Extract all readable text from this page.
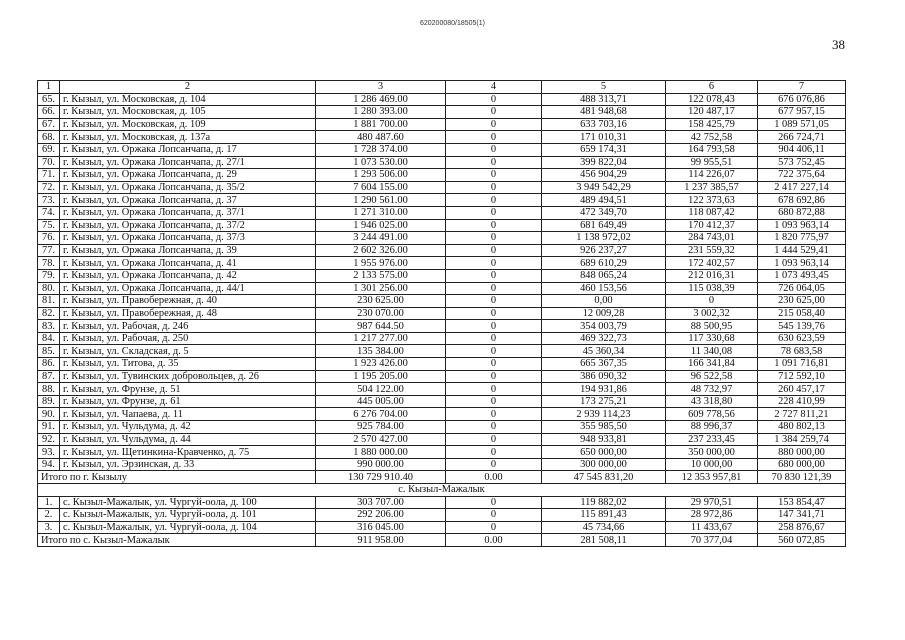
620200080/18505(1)
38
1	2	3	4	5	6	7
65.	г. Кызыл, ул. Московская, д. 104	1 286 469.00	0	488 313,71	122 078,43	676 076,86
66.	г. Кызыл, ул. Московская, д. 105	1 280 393.00	0	481 948,68	120 487,17	677 957,15
67.	г. Кызыл, ул. Московская, д. 109	1 881 700.00	0	633 703,16	158 425,79	1 089 571,05
68.	г. Кызыл, ул. Московская, д. 137а	480 487.60	0	171 010,31	42 752,58	266 724,71
69.	г. Кызыл, ул. Оржака Лопсанчапа, д. 17	1 728 374.00	0	659 174,31	164 793,58	904 406,11
70.	г. Кызыл, ул. Оржака Лопсанчапа, д. 27/1	1 073 530.00	0	399 822,04	99 955,51	573 752,45
71.	г. Кызыл, ул. Оржака Лопсанчапа, д. 29	1 293 506.00	0	456 904,29	114 226,07	722 375,64
72.	г. Кызыл, ул. Оржака Лопсанчапа, д. 35/2	7 604 155.00	0	3 949 542,29	1 237 385,57	2 417 227,14
73.	г. Кызыл, ул. Оржака Лопсанчапа, д. 37	1 290 561.00	0	489 494,51	122 373,63	678 692,86
74.	г. Кызыл, ул. Оржака Лопсанчапа, д. 37/1	1 271 310.00	0	472 349,70	118 087,42	680 872,88
75.	г. Кызыл, ул. Оржака Лопсанчапа, д. 37/2	1 946 025.00	0	681 649,49	170 412,37	1 093 963,14
76.	г. Кызыл, ул. Оржака Лопсанчапа, д. 37/3	3 244 491.00	0	1 138 972,02	284 743,01	1 820 775,97
77.	г. Кызыл, ул. Оржака Лопсанчапа, д. 39	2 602 326.00	0	926 237,27	231 559,32	1 444 529,41
78.	г. Кызыл, ул. Оржака Лопсанчапа, д. 41	1 955 976.00	0	689 610,29	172 402,57	1 093 963,14
79.	г. Кызыл, ул. Оржака Лопсанчапа, д. 42	2 133 575.00	0	848 065,24	212 016,31	1 073 493,45
80.	г. Кызыл, ул. Оржака Лопсанчапа, д. 44/1	1 301 256.00	0	460 153,56	115 038,39	726 064,05
81.	г. Кызыл, ул. Правобережная, д. 40	230 625.00	0	0,00	0	230 625,00
82.	г. Кызыл, ул. Правобережная, д. 48	230 070.00	0	12 009,28	3 002,32	215 058,40
83.	г. Кызыл, ул. Рабочая, д. 246	987 644.50	0	354 003,79	88 500,95	545 139,76
84.	г. Кызыл, ул. Рабочая, д. 250	1 217 277.00	0	469 322,73	117 330,68	630 623,59
85.	г. Кызыл, ул. Складская, д. 5	135 384.00	0	45 360,34	11 340,08	78 683,58
86.	г. Кызыл, ул. Титова, д. 35	1 923 426.00	0	665 367,35	166 341,84	1 091 716,81
87.	г. Кызыл, ул. Тувинских добровольцев, д. 26	1 195 205.00	0	386 090,32	96 522,58	712 592,10
88.	г. Кызыл, ул. Фрунзе, д. 51	504 122.00	0	194 931,86	48 732,97	260 457,17
89.	г. Кызыл, ул. Фрунзе, д. 61	445 005.00	0	173 275,21	43 318,80	228 410,99
90.	г. Кызыл, ул. Чапаева, д. 11	6 276 704.00	0	2 939 114,23	609 778,56	2 727 811,21
91.	г. Кызыл, ул. Чульдума, д. 42	925 784.00	0	355 985,50	88 996,37	480 802,13
92.	г. Кызыл, ул. Чульдума, д. 44	2 570 427.00	0	948 933,81	237 233,45	1 384 259,74
93.	г. Кызыл, ул. Щетинкина-Кравченко, д. 75	1 880 000.00	0	650 000,00	350 000,00	880 000,00
94.	г. Кызыл, ул. Эрзинская, д. 33	990 000.00	0	300 000,00	10 000,00	680 000,00
Итого по г. Кызылу		130 729 910.40	0.00	47 545 831,20	12 353 957,81	70 830 121,39
с. Кызыл-Мажалык						
1.	с. Кызыл-Мажалык, ул. Чургуй-оола, д. 100	303 707.00	0	119 882,02	29 970,51	153 854,47
2.	с. Кызыл-Мажалык, ул. Чургуй-оола, д. 101	292 206.00	0	115 891,43	28 972,86	147 341,71
3.	с. Кызыл-Мажалык, ул. Чургуй-оола, д. 104	316 045.00	0	45 734,66	11 433,67	258 876,67
Итого по с. Кызыл-Мажалык		911 958.00	0.00	281 508,11	70 377,04	560 072,85
